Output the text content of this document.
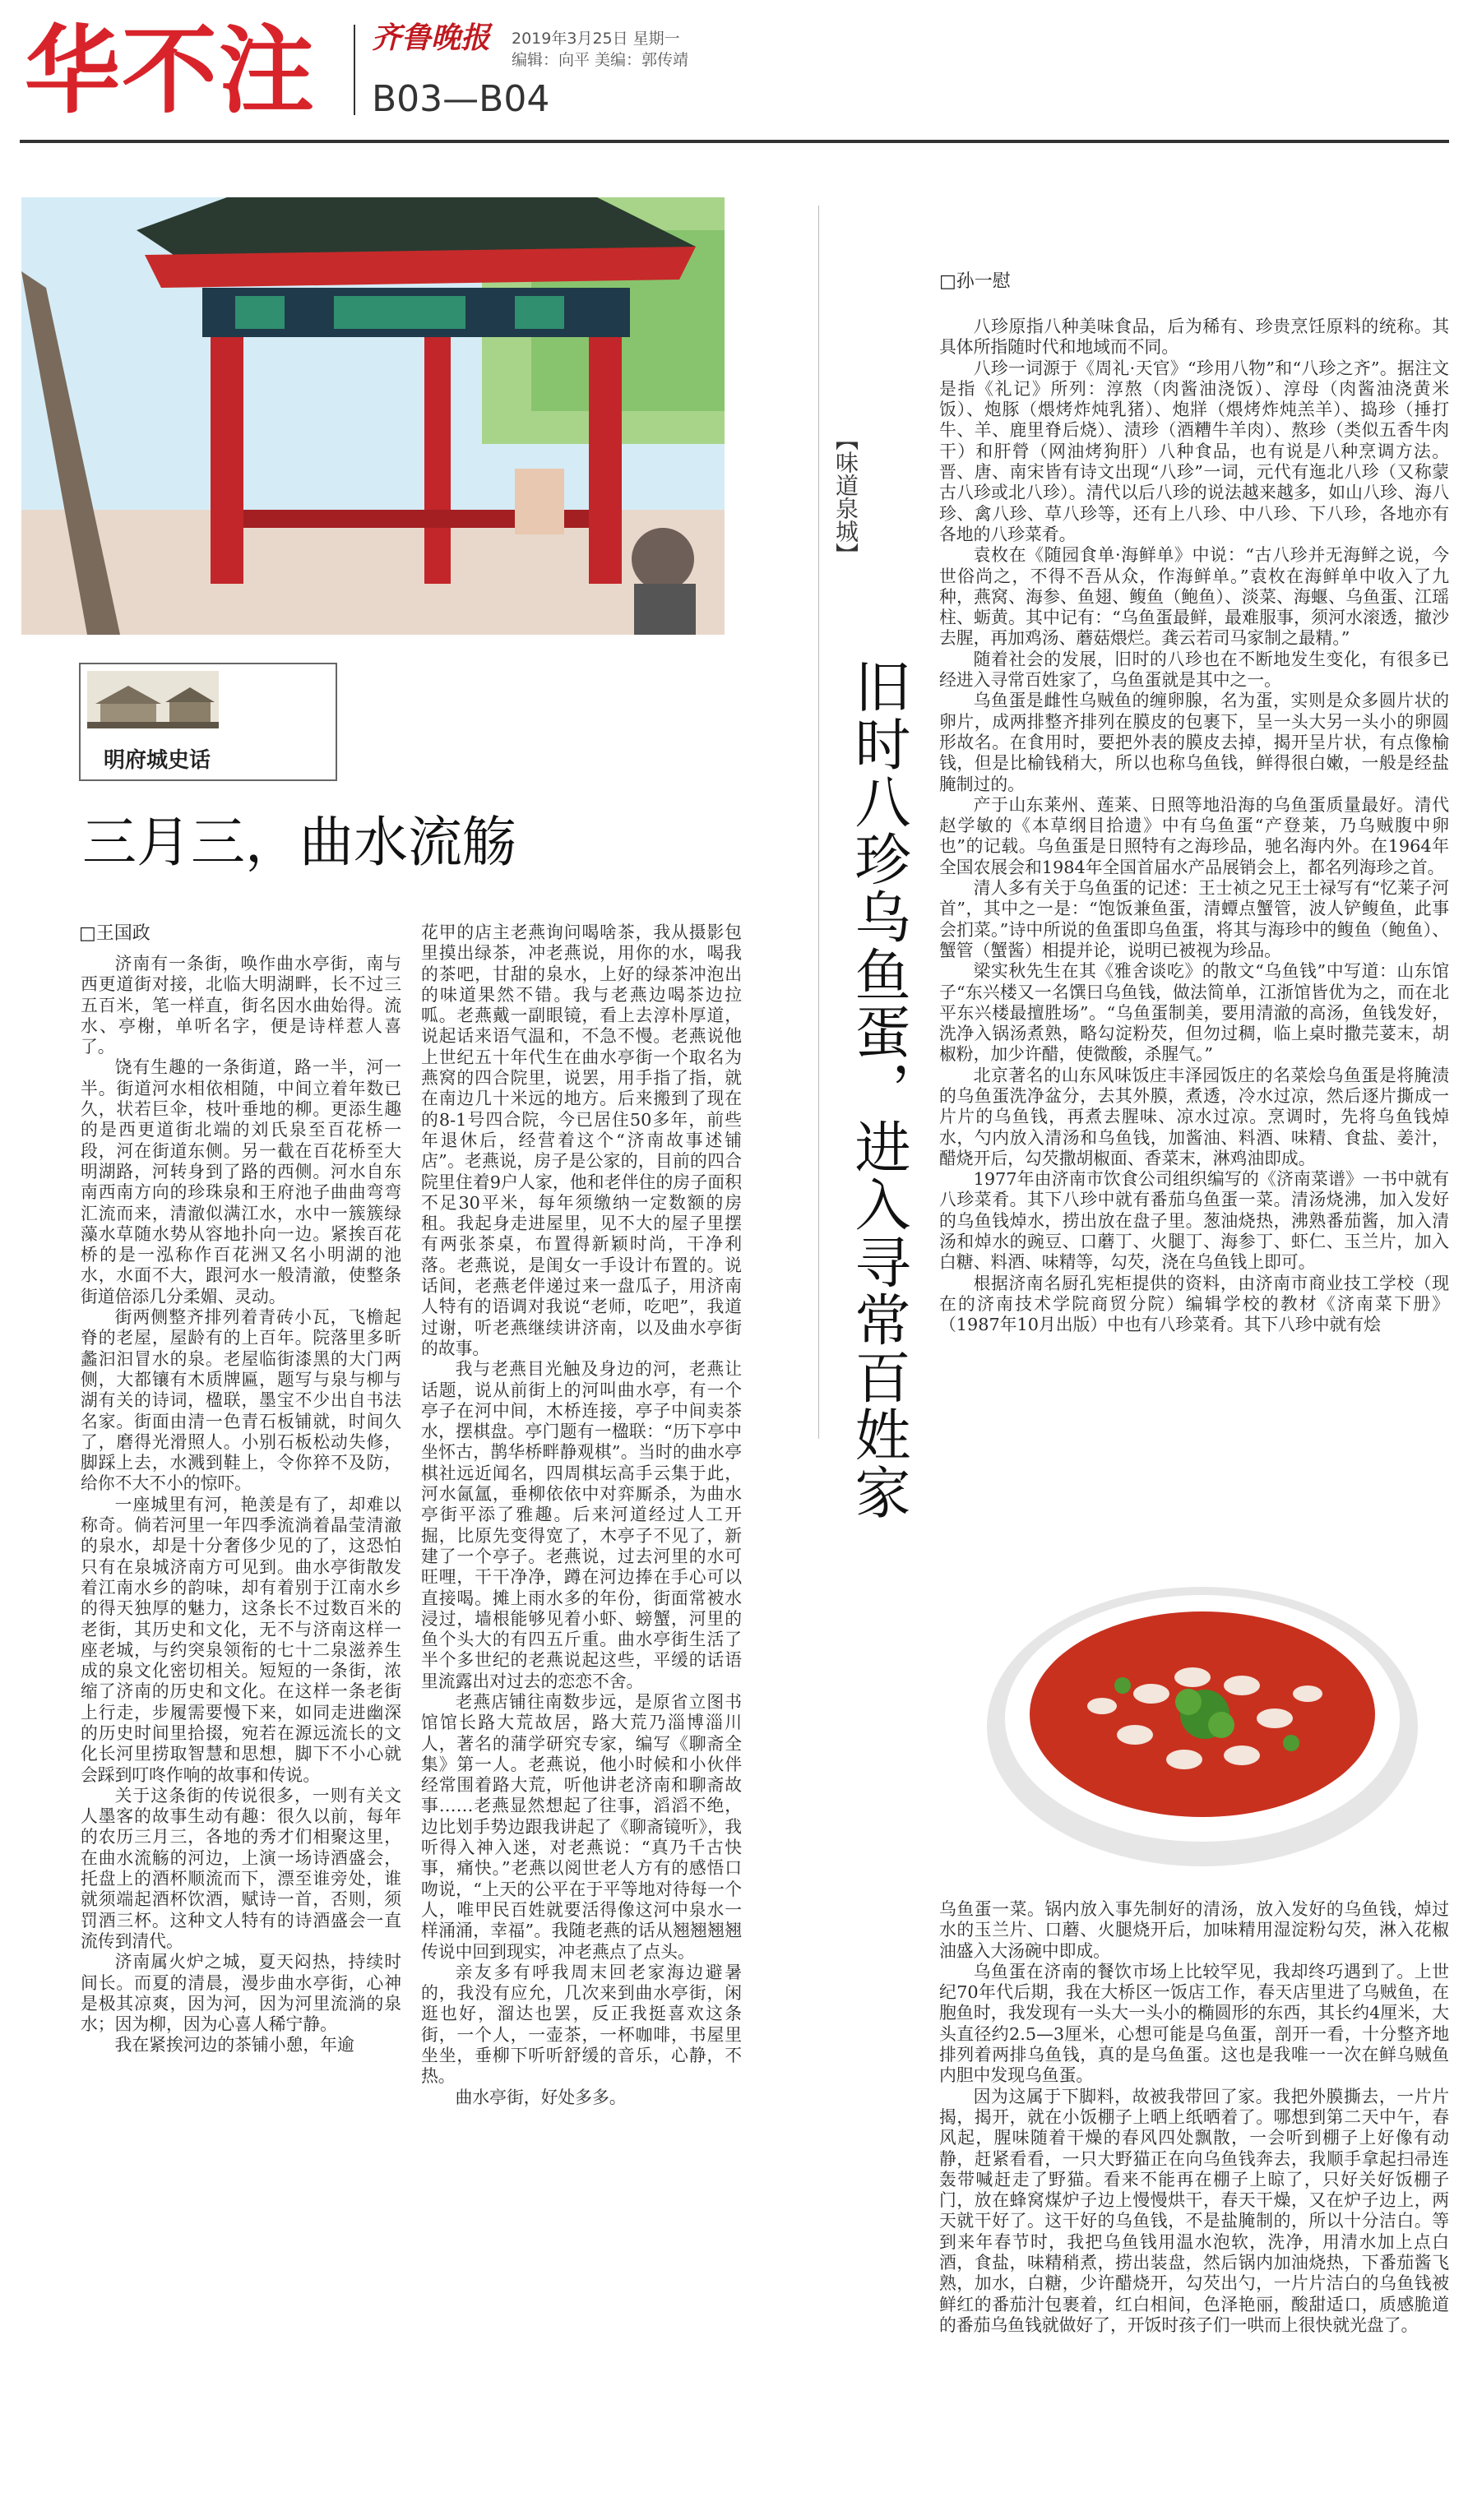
华不注 齐鲁晚报 2019年3月25日 星期一
编辑：向平 美编：郭传靖
B03—B04
明府城史话
三月三，曲水流觞
□王国政

济南有一条街，唤作曲水亭街，南与西更道街对接，北临大明湖畔，长不过三五百米，笔一样直，街名因水曲始得。流水、亭榭，单听名字，便是诗样惹人喜了。

饶有生趣的一条街道，路一半，河一半。街道河水相依相随，中间立着年数已久，状若巨伞，枝叶垂地的柳。更添生趣的是西更道街北端的刘氏泉至百花桥一段，河在街道东侧。另一截在百花桥至大明湖路，河转身到了路的西侧。河水自东南西南方向的珍珠泉和王府池子曲曲弯弯汇流而来，清澈似满江水，水中一簇簇绿藻水草随水势从容地扑向一边。紧挨百花桥的是一泓称作百花洲又名小明湖的池水，水面不大，跟河水一般清澈，使整条街道倍添几分柔媚、灵动。

街两侧整齐排列着青砖小瓦，飞檐起脊的老屋，屋龄有的上百年。院落里多昕蠡汩汩冒水的泉。老屋临街漆黑的大门两侧，大都镶有木质牌匾，题写与泉与柳与湖有关的诗词，楹联，墨宝不少出自书法名家。街面由清一色青石板铺就，时间久了，磨得光滑照人。小别石板松动失修，脚踩上去，水溅到鞋上，令你猝不及防，给你不大不小的惊吓。

一座城里有河，艳羡是有了，却难以称奇。倘若河里一年四季流淌着晶莹清澈的泉水，却是十分奢侈少见的了，这恐怕只有在泉城济南方可见到。曲水亭街散发着江南水乡的韵味，却有着别于江南水乡的得天独厚的魅力，这条长不过数百米的老街，其历史和文化，无不与济南这样一座老城，与约突泉领衔的七十二泉滋养生成的泉文化密切相关。短短的一条街，浓缩了济南的历史和文化。在这样一条老街上行走，步履需要慢下来，如同走进幽深的历史时间里拾掇，宛若在源远流长的文化长河里捞取智慧和思想，脚下不小心就会踩到叮咚作响的故事和传说。

关于这条街的传说很多，一则有关文人墨客的故事生动有趣：很久以前，每年的农历三月三，各地的秀才们相聚这里，在曲水流觞的河边，上演一场诗酒盛会，托盘上的酒杯顺流而下，漂至谁旁处，谁就须端起酒杯饮酒，赋诗一首，否则，须罚酒三杯。这种文人特有的诗酒盛会一直流传到清代。

济南属火炉之城，夏天闷热，持续时间长。而夏的清晨，漫步曲水亭街，心神是极其凉爽，因为河，因为河里流淌的泉水；因为柳，因为心喜人稀宁静。

我在紧挨河边的茶铺小憩，年逾

花甲的店主老燕询问喝啥茶，我从摄影包里摸出绿茶，冲老燕说，用你的水，喝我的茶吧，甘甜的泉水，上好的绿茶冲泡出的味道果然不错。我与老燕边喝茶边拉呱。老燕戴一副眼镜，看上去淳朴厚道，说起话来语气温和，不急不慢。老燕说他上世纪五十年代生在曲水亭街一个取名为燕窝的四合院里，说罢，用手指了指，就在南边几十米远的地方。后来搬到了现在的8-1号四合院，今已居住50多年，前些年退休后，经营着这个“济南故事述铺店”。老燕说，房子是公家的，目前的四合院里住着9户人家，他和老伴住的房子面积不足30平米，每年须缴纳一定数额的房租。我起身走进屋里，见不大的屋子里摆有两张茶桌，布置得新颖时尚，干净利落。老燕说，是闺女一手设计布置的。说话间，老燕老伴递过来一盘瓜子，用济南人特有的语调对我说“老师，吃吧”，我道过谢，听老燕继续讲济南，以及曲水亭街的故事。

我与老燕目光触及身边的河，老燕让话题，说从前街上的河叫曲水亭，有一个亭子在河中间，木桥连接，亭子中间卖茶水，摆棋盘。亭门题有一楹联：“历下亭中坐怀古，鹊华桥畔静观棋”。当时的曲水亭棋社远近闻名，四周棋坛高手云集于此，河水氤氲，垂柳依依中对弈厮杀，为曲水亭街平添了雅趣。后来河道经过人工开掘，比原先变得宽了，木亭子不见了，新建了一个亭子。老燕说，过去河里的水可旺哩，干干净净，蹲在河边捧在手心可以直接喝。摊上雨水多的年份，街面常被水浸过，墙根能够见着小虾、螃蟹，河里的鱼个头大的有四五斤重。曲水亭街生活了半个多世纪的老燕说起这些，平缓的话语里流露出对过去的恋恋不舍。

老燕店铺往南数步远，是原省立图书馆馆长路大荒故居，路大荒乃淄博淄川人，著名的蒲学研究专家，编写《聊斋全集》第一人。老燕说，他小时候和小伙伴经常围着路大荒，听他讲老济南和聊斋故事……老燕显然想起了往事，滔滔不绝，边比划手势边跟我讲起了《聊斋镜听》，我听得入神入迷，对老燕说：“真乃千古快事，痛快。”老燕以阅世老人方有的感悟口吻说，“上天的公平在于平等地对待每一个人，唯甲民百姓就要活得像这河中泉水一样涌涌，幸福”。我随老燕的话从翘翘翘翘传说中回到现实，冲老燕点了点头。

亲友多有呼我周末回老家海边避暑的，我没有应允，几次来到曲水亭街，闲逛也好，溜达也罢，反正我挺喜欢这条街，一个人，一壶茶，一杯咖啡，书屋里坐坐，垂柳下听听舒缓的音乐，心静，不热。

曲水亭街，好处多多。

【味道泉城】
旧时八珍乌鱼蛋，进入寻常百姓家
□孙一慰

八珍原指八种美味食品，后为稀有、珍贵烹饪原料的统称。其具体所指随时代和地域而不同。

八珍一词源于《周礼·天官》“珍用八物”和“八珍之齐”。据注文是指《礼记》所列：淳熬（肉酱油浇饭）、淳母（肉酱油浇黄米饭）、炮豚（煨烤炸炖乳猪）、炮牂（煨烤炸炖羔羊）、捣珍（捶打牛、羊、鹿里脊后烧）、渍珍（酒糟牛羊肉）、熬珍（类似五香牛肉干）和肝膋（网油烤狗肝）八种食品，也有说是八种烹调方法。晋、唐、南宋皆有诗文出现“八珍”一词，元代有迤北八珍（又称蒙古八珍或北八珍）。清代以后八珍的说法越来越多，如山八珍、海八珍、禽八珍、草八珍等，还有上八珍、中八珍、下八珍，各地亦有各地的八珍菜肴。

袁枚在《随园食单·海鲜单》中说：“古八珍并无海鲜之说，今世俗尚之，不得不吾从众，作海鲜单。”袁枚在海鲜单中收入了九种，燕窝、海参、鱼翅、鳆鱼（鲍鱼）、淡菜、海蝘、乌鱼蛋、江瑶柱、蛎黄。其中记有：“乌鱼蛋最鲜，最难服事，须河水滚透，撤沙去腥，再加鸡汤、蘑菇煨烂。龚云若司马家制之最精。”

随着社会的发展，旧时的八珍也在不断地发生变化，有很多已经进入寻常百姓家了，乌鱼蛋就是其中之一。

乌鱼蛋是雌性乌贼鱼的缠卵腺，名为蛋，实则是众多圆片状的卵片，成两排整齐排列在膜皮的包裹下，呈一头大另一头小的卵圆形故名。在食用时，要把外表的膜皮去掉，揭开呈片状，有点像榆钱，但是比榆钱稍大，所以也称乌鱼钱，鲜得很白嫩，一般是经盐腌制过的。

产于山东莱州、莲莱、日照等地沿海的乌鱼蛋质量最好。清代赵学敏的《本草纲目拾遗》中有乌鱼蛋“产登莱，乃乌贼腹中卵也”的记载。乌鱼蛋是日照特有之海珍品，驰名海内外。在1964年全国农展会和1984年全国首届水产品展销会上，都名列海珍之首。

清人多有关于乌鱼蛋的记述：王士祯之兄王士禄写有“忆莱子河首”，其中之一是：“饱饭兼鱼蛋，清蟫点蟹管，波人铲鳆鱼，此事会扪菜。”诗中所说的鱼蛋即乌鱼蛋，将其与海珍中的鳆鱼（鲍鱼）、蟹管（蟹酱）相提并论，说明已被视为珍品。

梁实秋先生在其《雅舍谈吃》的散文“乌鱼钱”中写道：山东馆子“东兴楼又一名馔曰乌鱼钱，做法简单，江浙馆皆优为之，而在北平东兴楼最擅胜场”。“乌鱼蛋制美，要用清澈的高汤，鱼钱发好，洗净入锅汤煮熟，略勾淀粉芡，但勿过稠，临上桌时撒芫荽末，胡椒粉，加少许醋，使微酸，杀腥气。”

北京著名的山东风味饭庄丰泽园饭庄的名菜烩乌鱼蛋是将腌渍的乌鱼蛋洗净盆分，去其外膜，煮透，冷水过凉，然后逐片撕成一片片的乌鱼钱，再煮去腥味、凉水过凉。烹调时，先将乌鱼钱焯水，勺内放入清汤和乌鱼钱，加酱油、料酒、味精、食盐、姜汁，醋烧开后，勾芡撒胡椒面、香菜末，淋鸡油即成。

1977年由济南市饮食公司组织编写的《济南菜谱》一书中就有八珍菜肴。其下八珍中就有番茄乌鱼蛋一菜。清汤烧沸，加入发好的乌鱼钱焯水，捞出放在盘子里。葱油烧热，沸熟番茄酱，加入清汤和焯水的豌豆、口蘑丁、火腿丁、海参丁、虾仁、玉兰片，加入白糖、料酒、味精等，勾芡，浇在乌鱼钱上即可。

根据济南名厨孔宪柜提供的资料，由济南市商业技工学校（现在的济南技术学院商贸分院）编辑学校的教材《济南菜下册》（1987年10月出版）中也有八珍菜肴。其下八珍中就有烩

乌鱼蛋一菜。锅内放入事先制好的清汤，放入发好的乌鱼钱，焯过水的玉兰片、口蘑、火腿烧开后，加味精用湿淀粉勾芡，淋入花椒油盛入大汤碗中即成。

乌鱼蛋在济南的餐饮市场上比较罕见，我却终巧遇到了。上世纪70年代后期，我在大桥区一饭店工作，春天店里进了乌贼鱼，在胞鱼时，我发现有一头大一头小的椭圆形的东西，其长约4厘米，大头直径约2.5—3厘米，心想可能是乌鱼蛋，剖开一看，十分整齐地排列着两排乌鱼钱，真的是乌鱼蛋。这也是我唯一一次在鲜乌贼鱼内胆中发现乌鱼蛋。

因为这属于下脚料，故被我带回了家。我把外膜撕去，一片片揭，揭开，就在小饭棚子上晒上纸晒着了。哪想到第二天中午，春风起，腥味随着干燥的春风四处飘散，一会听到棚子上好像有动静，赶紧看看，一只大野猫正在向乌鱼钱奔去，我顺手拿起扫帚连轰带喊赶走了野猫。看来不能再在棚子上晾了，只好关好饭棚子门，放在蜂窝煤炉子边上慢慢烘干，春天干燥，又在炉子边上，两天就干好了。这干好的乌鱼钱，不是盐腌制的，所以十分洁白。等到来年春节时，我把乌鱼钱用温水泡软，洗净，用清水加上点白酒，食盐，味精稍煮，捞出装盘，然后锅内加油烧热，下番茄酱飞熟，加水，白糖，少许醋烧开，勾芡出勺，一片片洁白的乌鱼钱被鲜红的番茄汁包裹着，红白相间，色泽艳丽，酸甜适口，质感脆道的番茄乌鱼钱就做好了，开饭时孩子们一哄而上很快就光盘了。
